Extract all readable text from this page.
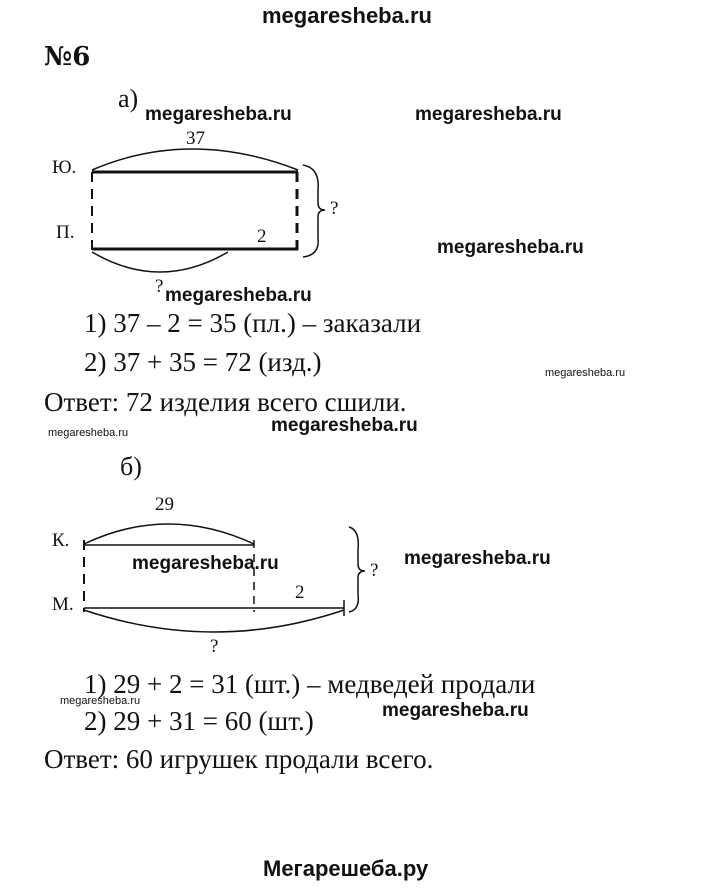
megaresheba.ru
Мегарешеба.ру
№6
а)
37
Ю.
П.	2
?
?
1) 37 – 2 = 35 (пл.) – заказали
2) 37 + 35 = 72 (изд.)
Ответ: 72 изделия всего сшили.
б)
29
К.
М.
2
?
?
1) 29 + 2 = 31 (шт.) – медведей продали
2) 29 + 31 = 60 (шт.)
Ответ: 60 игрушек продали всего.
megaresheba.ru	megaresheba.ru
megaresheba.ru
megaresheba.ru
megaresheba.ru
megaresheba.ru	megaresheba.ru
megaresheba.ru	megaresheba.ru
megaresheba.ru	megaresheba.ru
